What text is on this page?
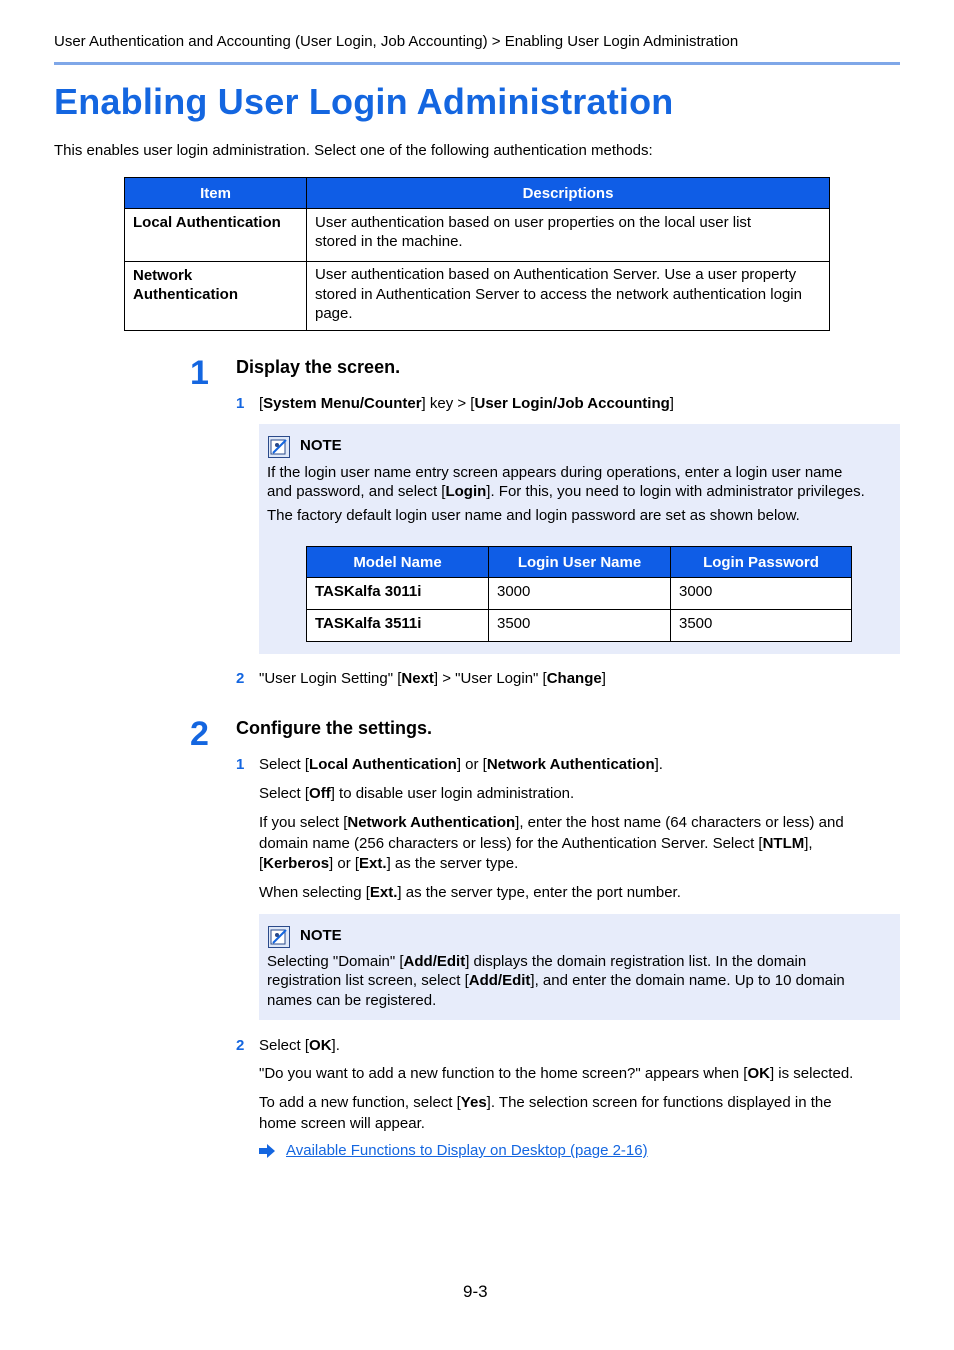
User Authentication and Accounting (User Login, Job Accounting) > Enabling User Login Administration
Enabling User Login Administration
This enables user login administration. Select one of the following authentication methods:
Item	Descriptions
Local Authentication	User authentication based on user properties on the local user list
stored in the machine.
Network
Authentication	User authentication based on Authentication Server. Use a user property
stored in Authentication Server to access the network authentication login
page.
1 Display the screen.
1 [System Menu/Counter] key > [User Login/Job Accounting]
NOTE
If the login user name entry screen appears during operations, enter a login user name
and password, and select [Login]. For this, you need to login with administrator privileges.
The factory default login user name and login password are set as shown below.
Model Name	Login User Name	Login Password
TASKalfa 3011i	3000	3000
TASKalfa 3511i	3500	3500
2 "User Login Setting" [Next] > "User Login" [Change]
2 Configure the settings.
1 Select [Local Authentication] or [Network Authentication].
Select [Off] to disable user login administration.
If you select [Network Authentication], enter the host name (64 characters or less) and
domain name (256 characters or less) for the Authentication Server. Select [NTLM],
[Kerberos] or [Ext.] as the server type.
When selecting [Ext.] as the server type, enter the port number.
NOTE
Selecting "Domain" [Add/Edit] displays the domain registration list. In the domain
registration list screen, select [Add/Edit], and enter the domain name. Up to 10 domain
names can be registered.
2 Select [OK].
"Do you want to add a new function to the home screen?" appears when [OK] is selected.
To add a new function, select [Yes]. The selection screen for functions displayed in the
home screen will appear.
Available Functions to Display on Desktop (page 2-16)
9-3
